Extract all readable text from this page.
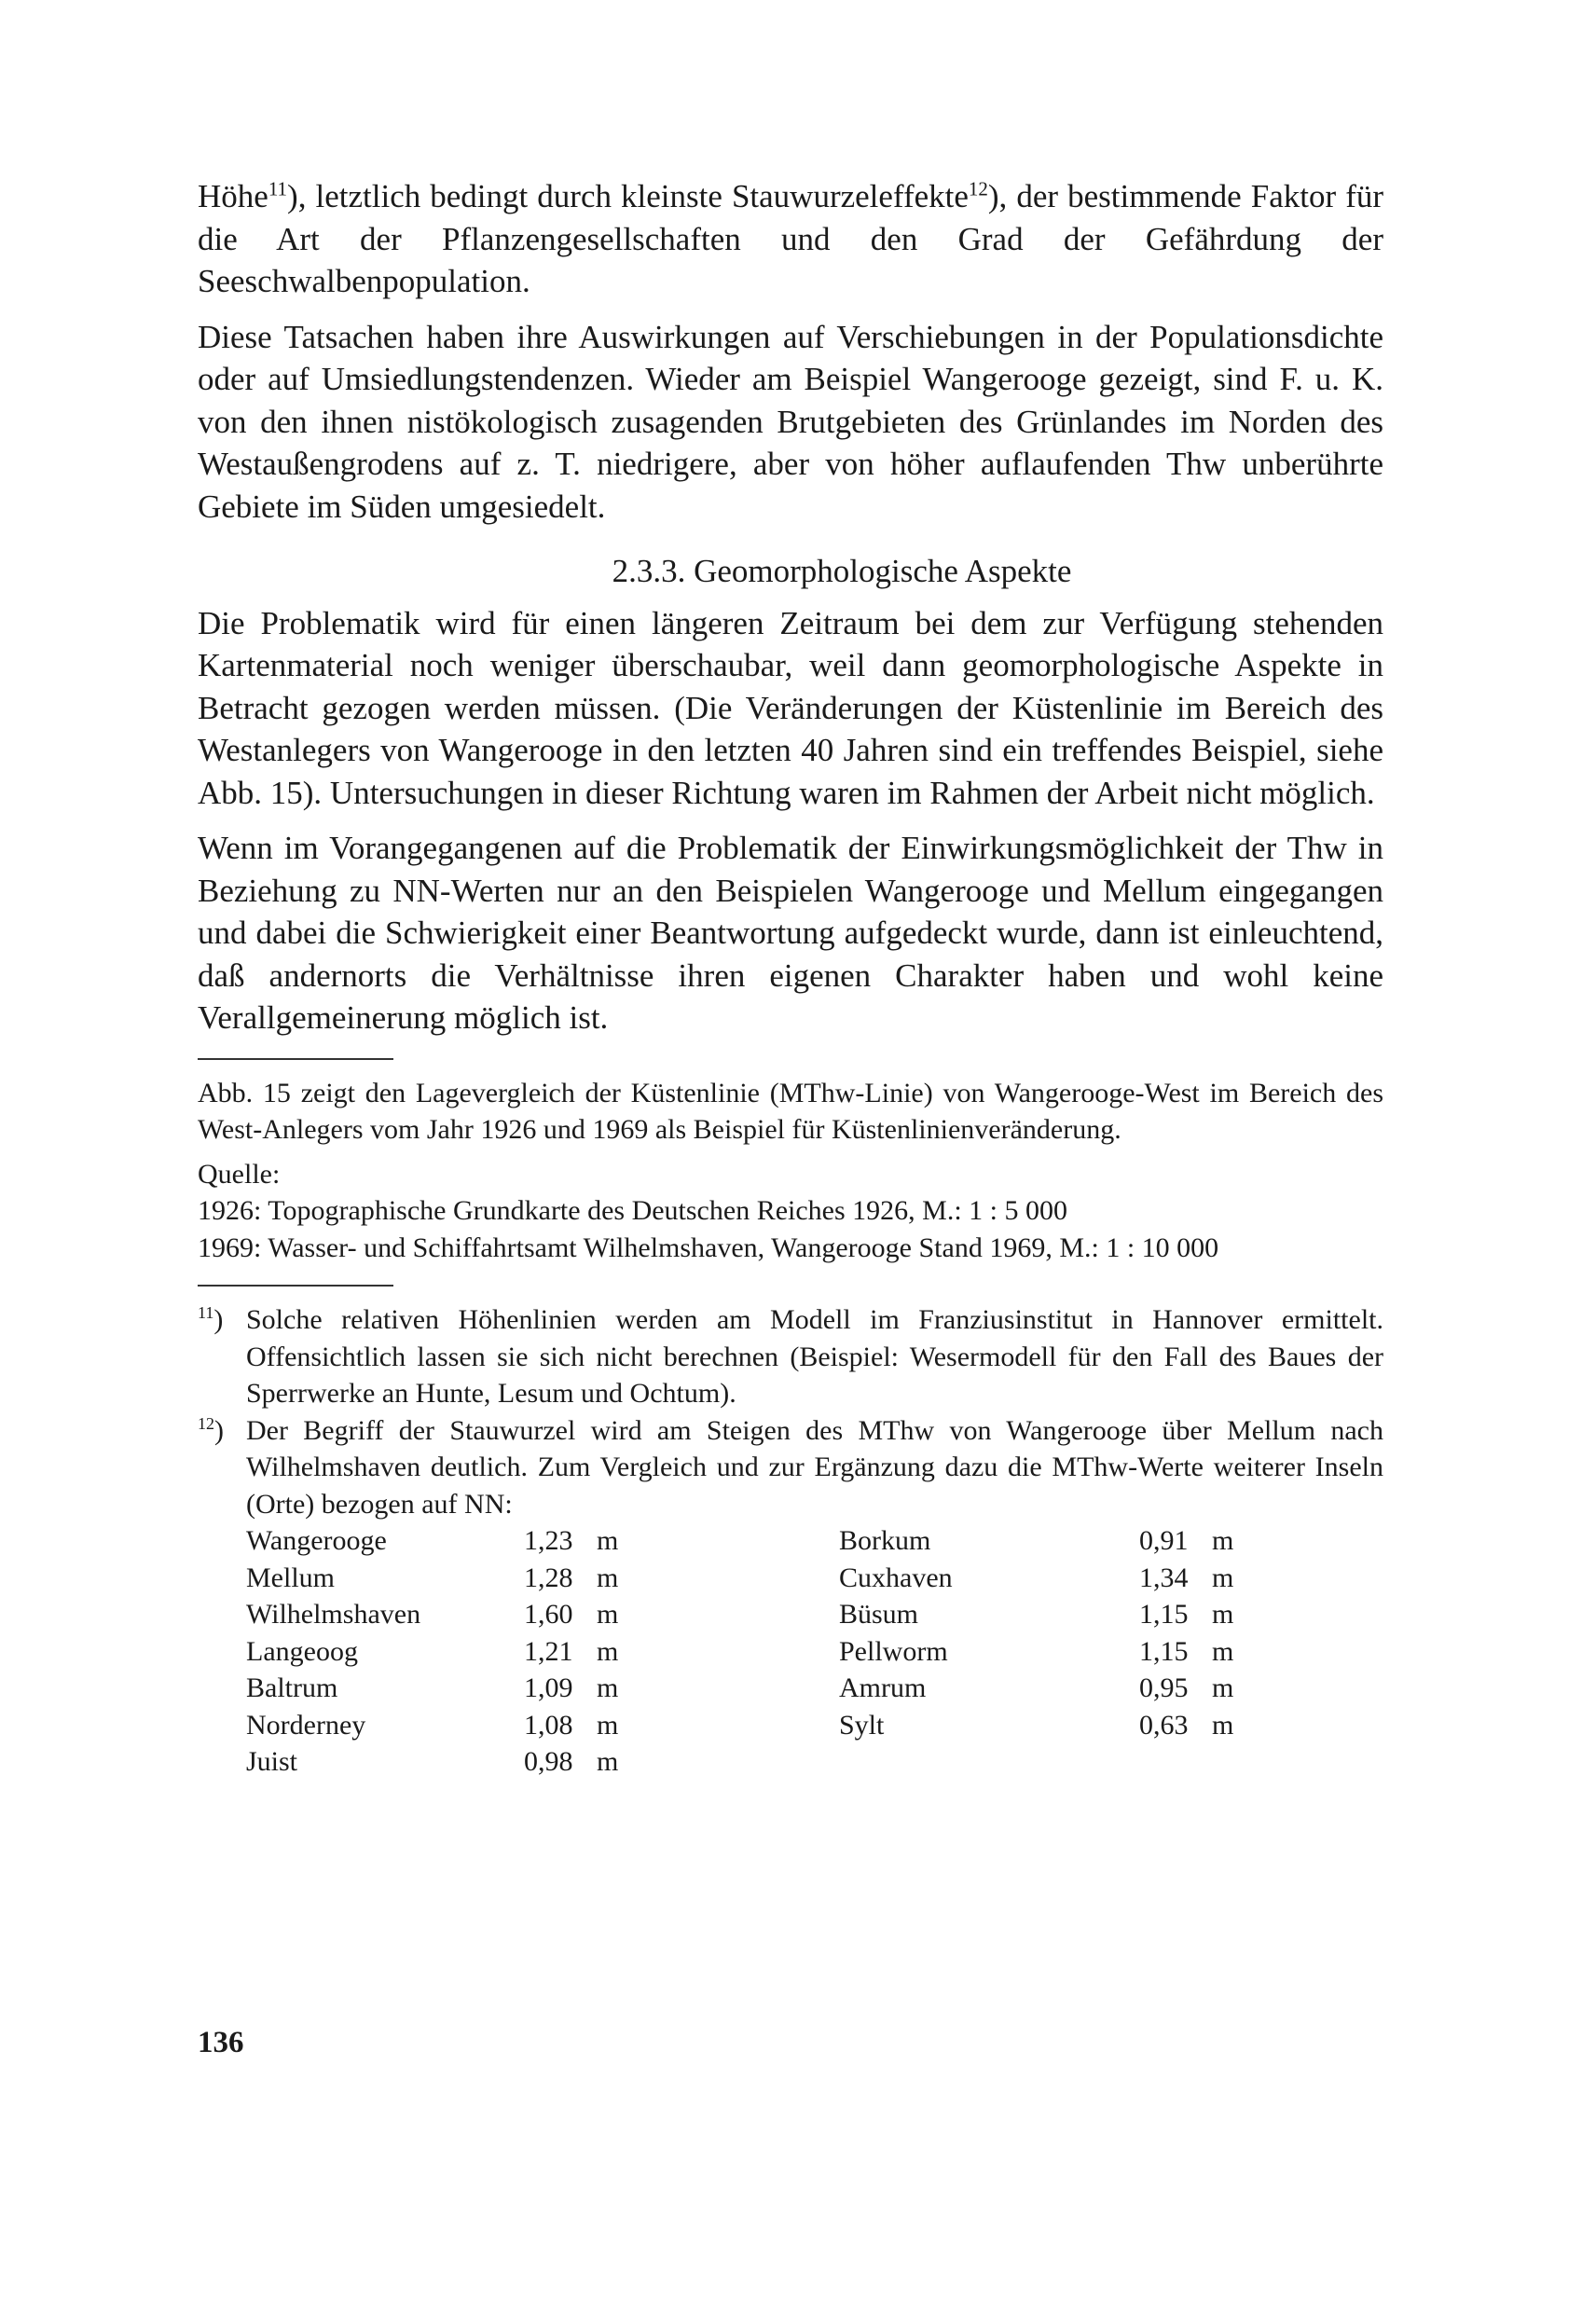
Höhe$^{11}$), letztlich bedingt durch kleinste Stauwurzeleffekte$^{12}$), der bestimmende Faktor für die Art der Pflanzengesellschaften und den Grad der Gefährdung der Seeschwalbenpopulation.

Diese Tatsachen haben ihre Auswirkungen auf Verschiebungen in der Populationsdichte oder auf Umsiedlungstendenzen. Wieder am Beispiel Wangerooge gezeigt, sind F. u. K. von den ihnen nistökologisch zusagenden Brutgebieten des Grünlandes im Norden des Westaußengrodens auf z. T. niedrigere, aber von höher auflaufenden Thw unberührte Gebiete im Süden umgesiedelt.

2.3.3. Geomorphologische Aspekte

Die Problematik wird für einen längeren Zeitraum bei dem zur Verfügung stehenden Kartenmaterial noch weniger überschaubar, weil dann geomorphologische Aspekte in Betracht gezogen werden müssen. (Die Veränderungen der Küstenlinie im Bereich des Westanlegers von Wangerooge in den letzten 40 Jahren sind ein treffendes Beispiel, siehe Abb. 15). Untersuchungen in dieser Richtung waren im Rahmen der Arbeit nicht möglich.

Wenn im Vorangegangenen auf die Problematik der Einwirkungsmöglichkeit der Thw in Beziehung zu NN-Werten nur an den Beispielen Wangerooge und Mellum eingegangen und dabei die Schwierigkeit einer Beantwortung aufgedeckt wurde, dann ist einleuchtend, daß andernorts die Verhältnisse ihren eigenen Charakter haben und wohl keine Verallgemeinerung möglich ist.

Abb. 15 zeigt den Lagevergleich der Küstenlinie (MThw-Linie) von Wangerooge-West im Bereich des West-Anlegers vom Jahr 1926 und 1969 als Beispiel für Küstenlinienveränderung.

Quelle:

1926: Topographische Grundkarte des Deutschen Reiches 1926, M.: 1 : 5 000

1969: Wasser- und Schiffahrtsamt Wilhelmshaven, Wangerooge Stand 1969, M.: 1 : 10 000

$^{11}$) Solche relativen Höhenlinien werden am Modell im Franziusinstitut in Hannover ermittelt. Offensichtlich lassen sie sich nicht berechnen (Beispiel: Wesermodell für den Fall des Baues der Sperrwerke an Hunte, Lesum und Ochtum).

$^{12}$) Der Begriff der Stauwurzel wird am Steigen des MThw von Wangerooge über Mellum nach Wilhelmshaven deutlich. Zum Vergleich und zur Ergänzung dazu die MThw-Werte weiterer Inseln (Orte) bezogen auf NN:

Wangerooge	1,23 m	Borkum	0,91 m
Mellum	1,28 m	Cuxhaven	1,34 m
Wilhelmshaven	1,60 m	Büsum	1,15 m
Langeoog	1,21 m	Pellworm	1,15 m
Baltrum	1,09 m	Amrum	0,95 m
Norderney	1,08 m	Sylt	0,63 m
Juist	0,98 m
136
